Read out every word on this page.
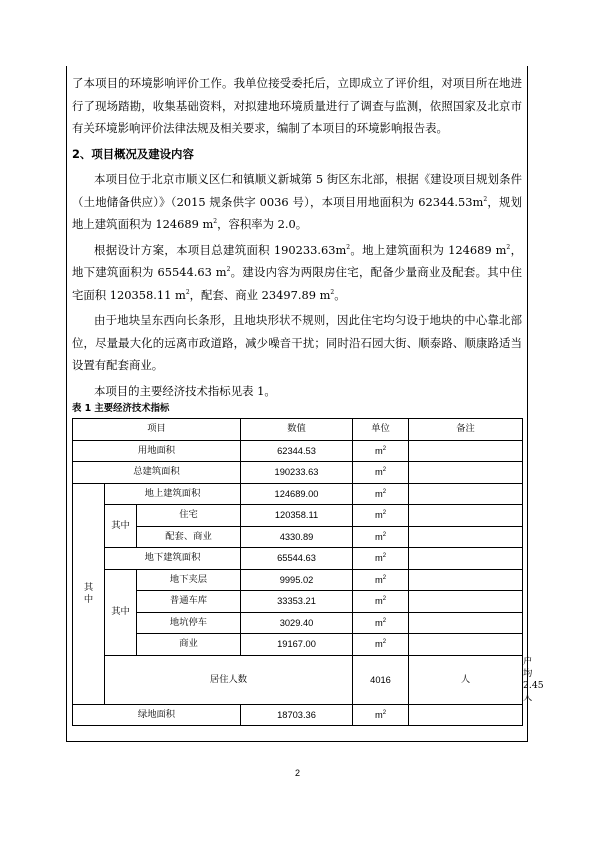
了本项目的环境影响评价工作。我单位接受委托后，立即成立了评价组，对项目所在地进行了现场踏勘，收集基础资料，对拟建地环境质量进行了调查与监测，依照国家及北京市有关环境影响评价法律法规及相关要求，编制了本项目的环境影响报告表。

2、项目概况及建设内容

本项目位于北京市顺义区仁和镇顺义新城第 5 街区东北部，根据《建设项目规划条件（土地储备供应）》（2015 规条供字 0036 号），本项目用地面积为 $62344.53m^2$，规划地上建筑面积为 124689 $m^2$，容积率为 2.0。

根据设计方案，本项目总建筑面积 $190233.63m^2$。地上建筑面积为 124689 $m^2$，地下建筑面积为 65544.63 $m^2$。建设内容为两限房住宅，配备少量商业及配套。其中住宅面积 120358.11 $m^2$，配套、商业 23497.89 $m^2$。

由于地块呈东西向长条形，且地块形状不规则，因此住宅均匀设于地块的中心靠北部位，尽量最大化的远离市政道路，减少噪音干扰；同时沿石园大街、顺泰路、顺康路适当设置有配套商业。

本项目的主要经济技术指标见表 1。

表 1 主要经济技术指标

项目			数值	单位	备注	
用地面积			62344.53	$m^2$	
总建筑面积			190233.63	$m^2$	
其
中	地上建筑面积		124689.00	$m^2$	
	其中	住宅	120358.11	$m^2$	
		配套、商业	4330.89	$m^2$	
	地下建筑面积		65544.63	$m^2$	
	其中	地下夹层	9995.02	$m^2$	
		普通车库	33353.21	$m^2$	
		地坑停车	3029.40	$m^2$	
		商业	19167.00	$m^2$	
	居住人数			4016	人	户均 2.45 人
绿地面积			18703.36	$m^2$	
2
